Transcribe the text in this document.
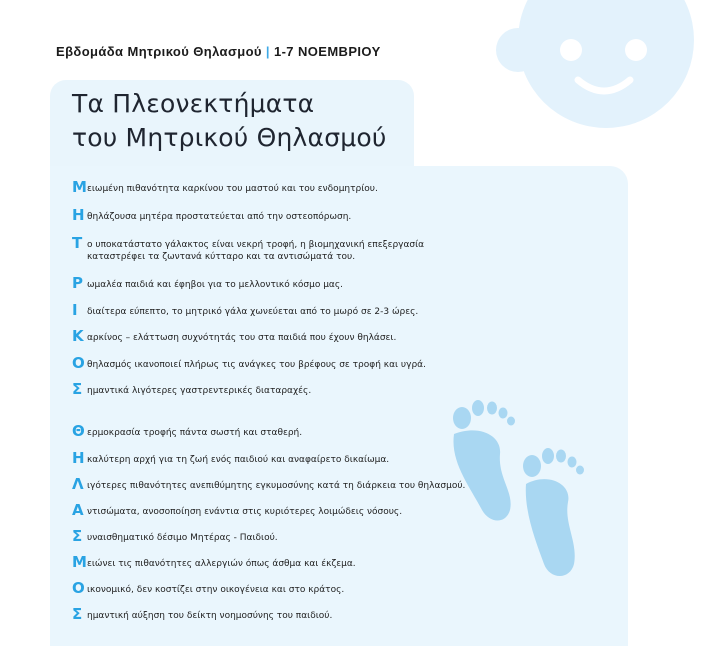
Εβδομάδα Μητρικού Θηλασμού | 1-7 ΝΟΕΜΒΡΙΟΥ
Τα Πλεονεκτήματα
του Μητρικού Θηλασμού
Μ ειωμένη πιθανότητα καρκίνου του μαστού και του ενδομητρίου.
Η θηλάζουσα μητέρα προστατεύεται από την οστεοπόρωση.
Τ ο υποκατάστατο γάλακτος είναι νεκρή τροφή, η βιομηχανική επεξεργασία
καταστρέφει τα ζωντανά κύτταρο και τα αντισώματά του.
Ρ ωμαλέα παιδιά και έφηβοι για το μελλοντικό κόσμο μας.
Ι	διαίτερα εύπεπτο, το μητρικό γάλα χωνεύεται από το μωρό σε 2-3 ώρες.
Κ αρκίνος – ελάττωση συχνότητάς του στα παιδιά που έχουν θηλάσει.
Ο θηλασμός ικανοποιεί πλήρως τις ανάγκες του βρέφους σε τροφή και υγρά.
Σ ημαντικά λιγότερες γαστρεντερικές διαταραχές.
Θ ερμοκρασία τροφής πάντα σωστή και σταθερή.
Η καλύτερη αρχή για τη ζωή ενός παιδιού και αναφαίρετο δικαίωμα.
Λ ιγότερες πιθανότητες ανεπιθύμητης εγκυμοσύνης κατά τη διάρκεια του θηλασμού.
Α ντισώματα, ανοσοποίηση ενάντια στις κυριότερες λοιμώδεις νόσους.
Σ υναισθηματικό δέσιμο Μητέρας - Παιδιού.
Μ ειώνει τις πιθανότητες αλλεργιών όπως άσθμα και έκζεμα.
Ο ικονομικό, δεν κοστίζει στην οικογένεια και στο κράτος.
Σ ημαντική αύξηση του δείκτη νοημοσύνης του παιδιού.
